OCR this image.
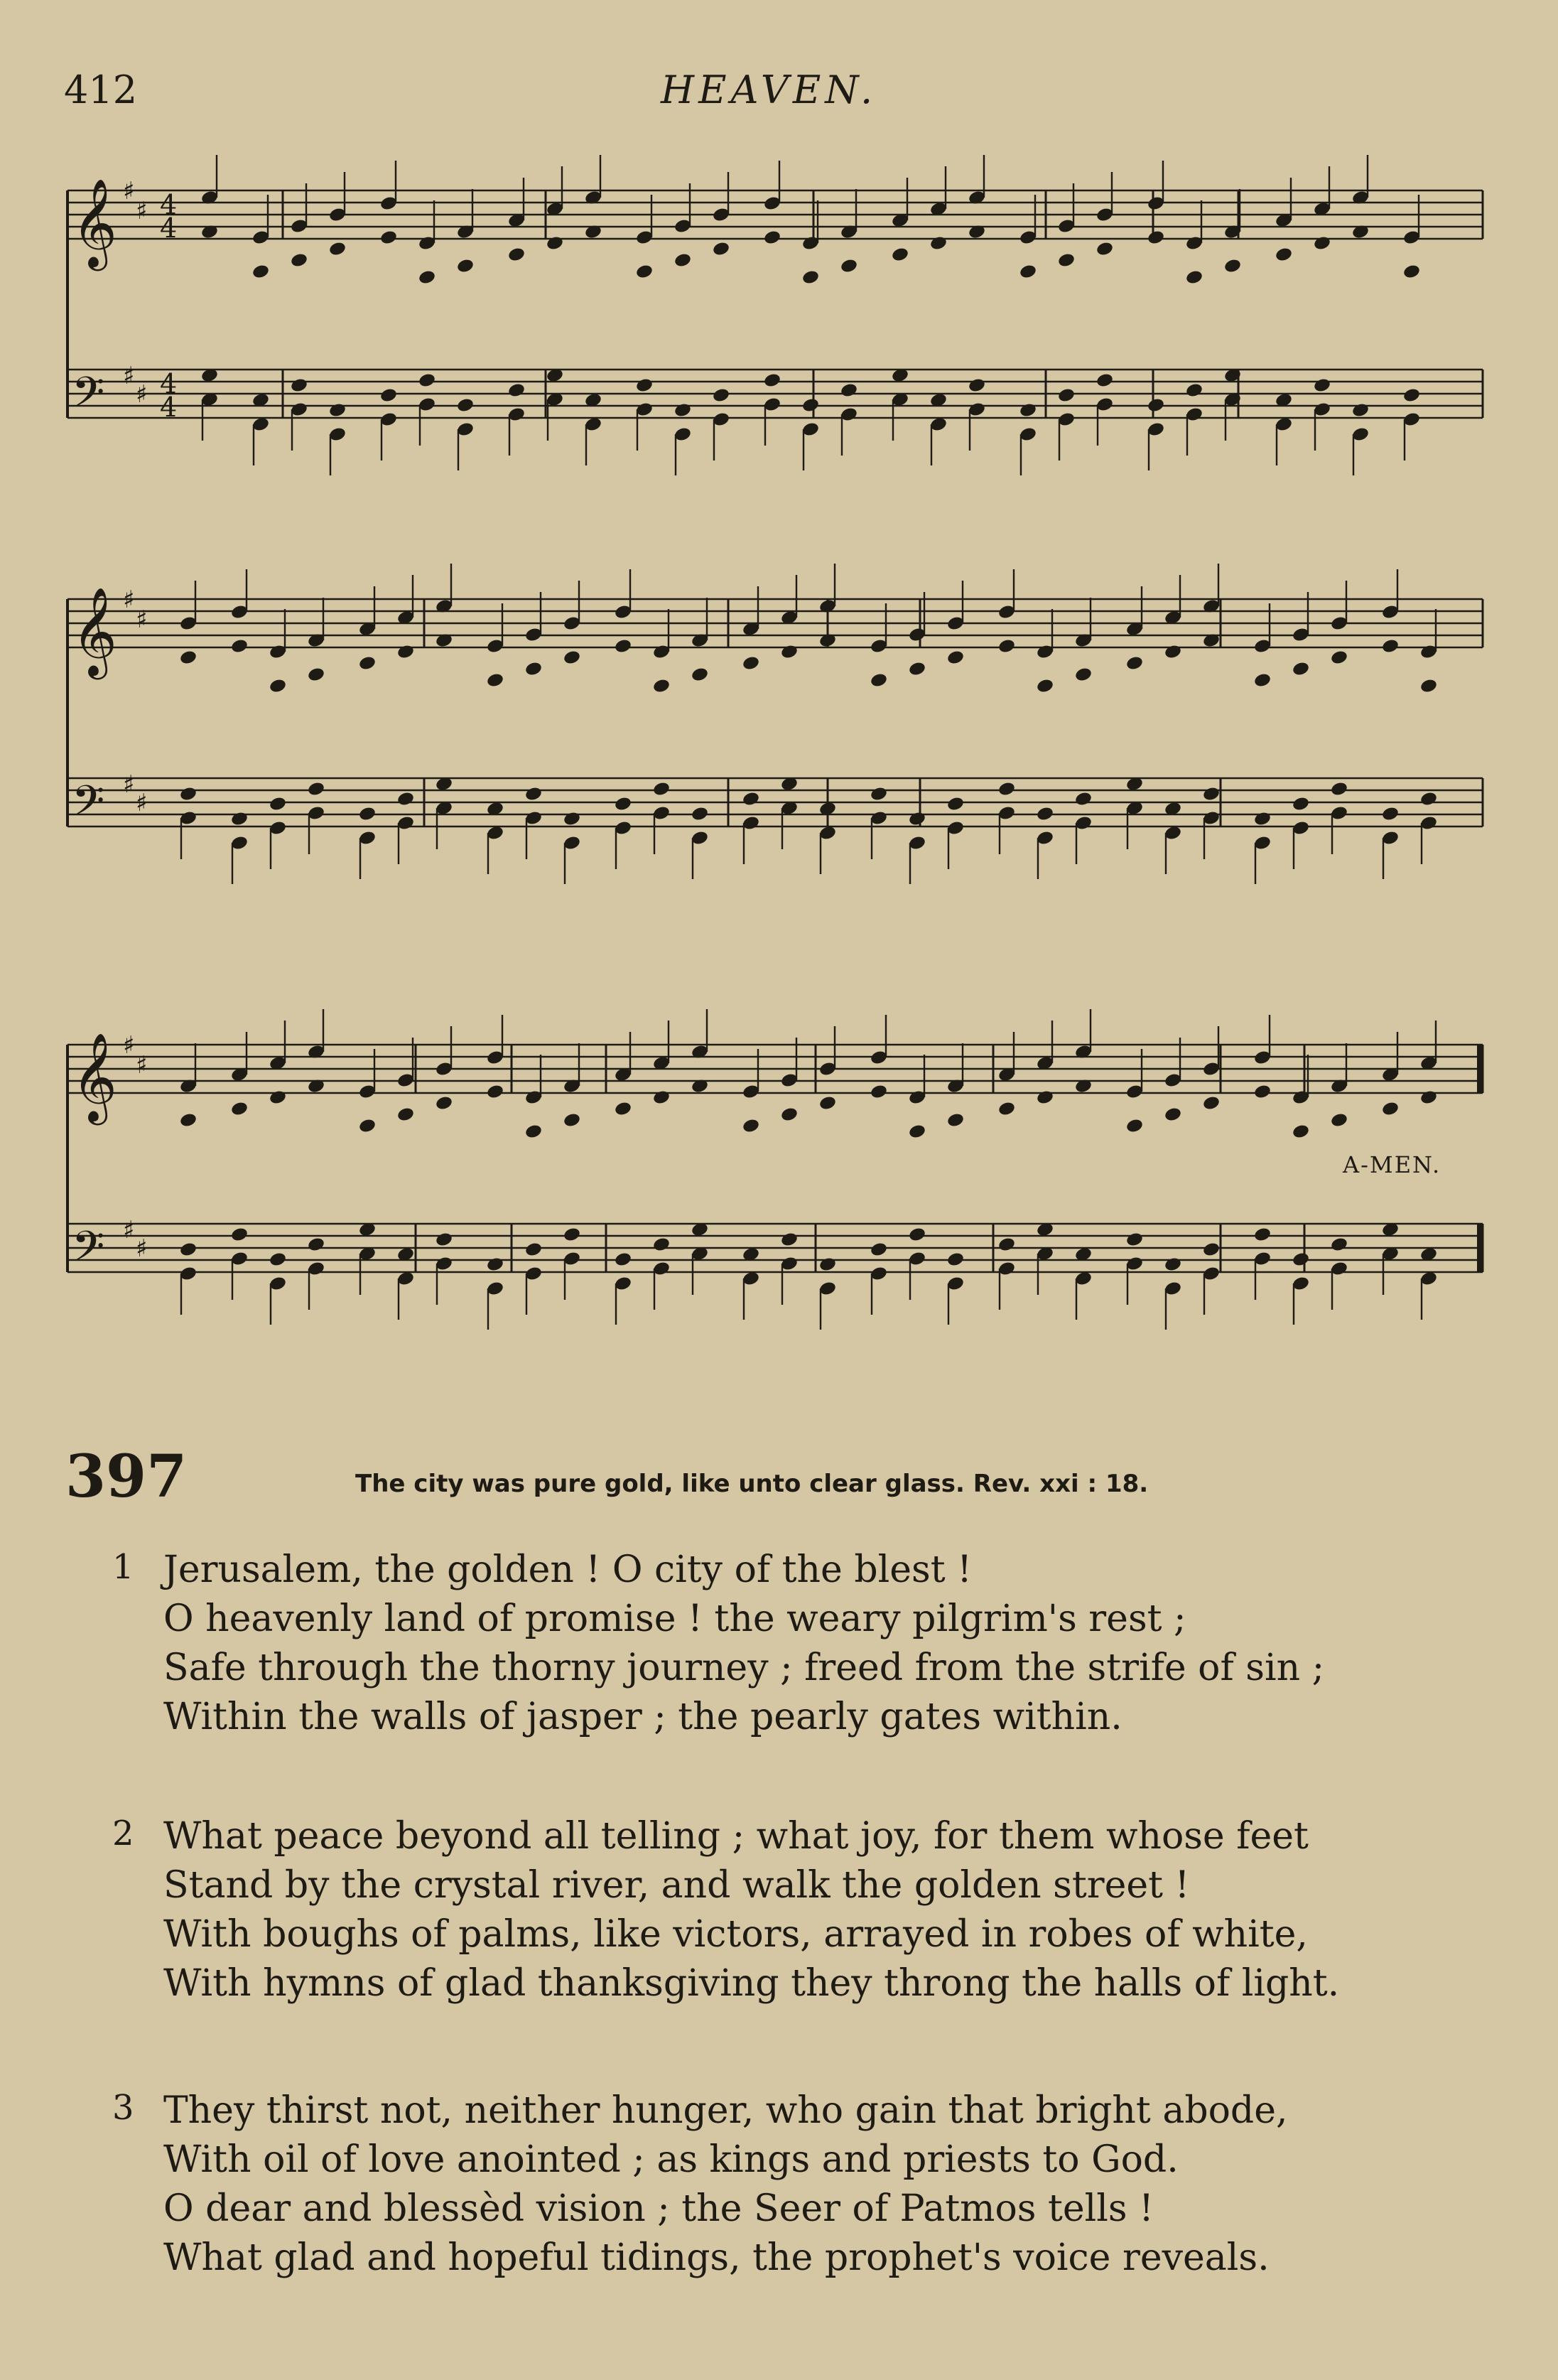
412	HEAVEN.
𝄞 ♯
♯ 4
4
𝄢 ♯
♯ 4
4
𝄞 ♯
♯
𝄢 ♯
♯
𝄞 ♯
♯
𝄢 ♯
♯
A-MEN.
397	The city was pure gold, like unto clear glass. Rev. xxi : 18.
1 Jerusalem, the golden ! O city of the blest !
O heavenly land of promise ! the weary pilgrim's rest ;
Safe through the thorny journey ; freed from the strife of sin ;
Within the walls of jasper ; the pearly gates within.
2 What peace beyond all telling ; what joy, for them whose feet
Stand by the crystal river, and walk the golden street !
With boughs of palms, like victors, arrayed in robes of white,
With hymns of glad thanksgiving they throng the halls of light.
3 They thirst not, neither hunger, who gain that bright abode,
With oil of love anointed ; as kings and priests to God.
O dear and blessèd vision ; the Seer of Patmos tells !
What glad and hopeful tidings, the prophet's voice reveals.
